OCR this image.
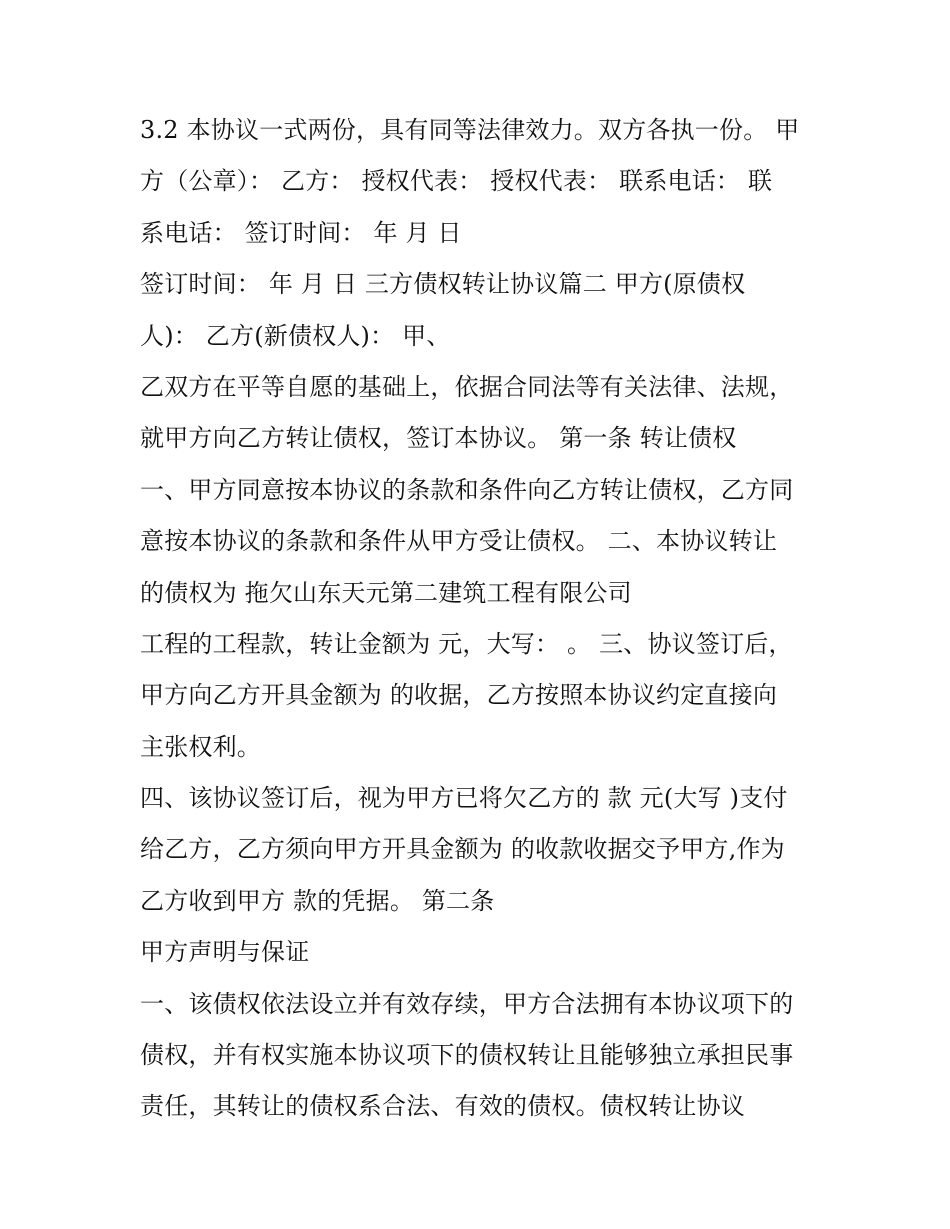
3.2 本协议一式两份，具有同等法律效力。双方各执一份。 甲
方（公章）： 乙方： 授权代表： 授权代表： 联系电话： 联
系电话： 签订时间： 年 月 日
签订时间： 年 月 日 三方债权转让协议篇二 甲方(原债权
人)： 乙方(新债权人)： 甲、
乙双方在平等自愿的基础上，依据合同法等有关法律、法规，
就甲方向乙方转让债权，签订本协议。 第一条 转让债权
一、甲方同意按本协议的条款和条件向乙方转让债权，乙方同
意按本协议的条款和条件从甲方受让债权。 二、本协议转让
的债权为 拖欠山东天元第二建筑工程有限公司
工程的工程款，转让金额为 元，大写： 。 三、协议签订后，
甲方向乙方开具金额为 的收据，乙方按照本协议约定直接向
主张权利。
四、该协议签订后，视为甲方已将欠乙方的 款 元(大写 )支付
给乙方，乙方须向甲方开具金额为 的收款收据交予甲方,作为
乙方收到甲方 款的凭据。 第二条
甲方声明与保证
一、该债权依法设立并有效存续，甲方合法拥有本协议项下的
债权，并有权实施本协议项下的债权转让且能够独立承担民事
责任，其转让的债权系合法、有效的债权。债权转让协议
